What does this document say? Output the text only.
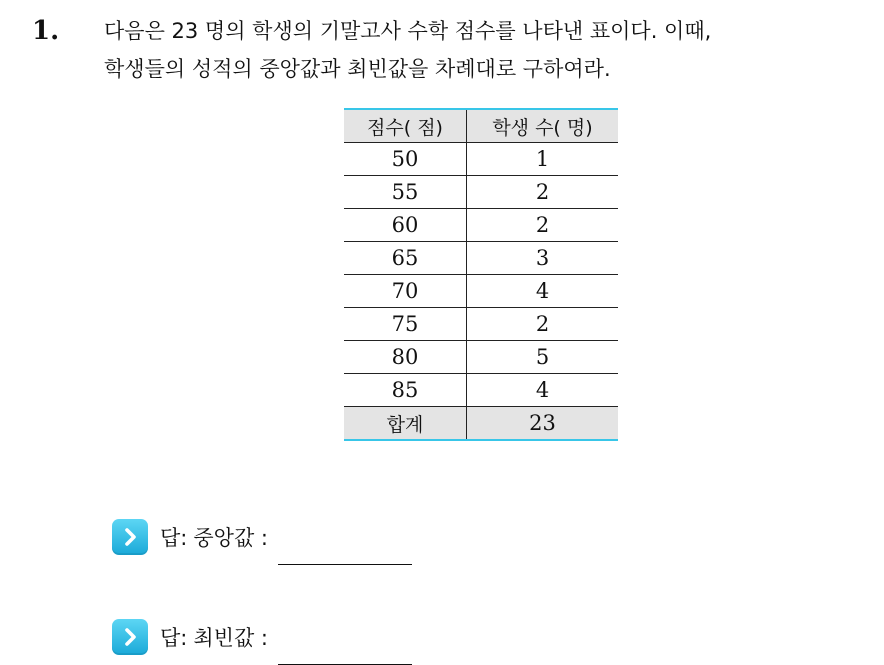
1. 다음은 23 명의 학생의 기말고사 수학 점수를 나타낸 표이다. 이때,
학생들의 성적의 중앙값과 최빈값을 차례대로 구하여라.
점수( 점)	학생 수( 명)
50	1
55	2
60	2
65	3
70	4
75	2
80	5
85	4
합계	23
답: 중앙값 :
답: 최빈값 :
